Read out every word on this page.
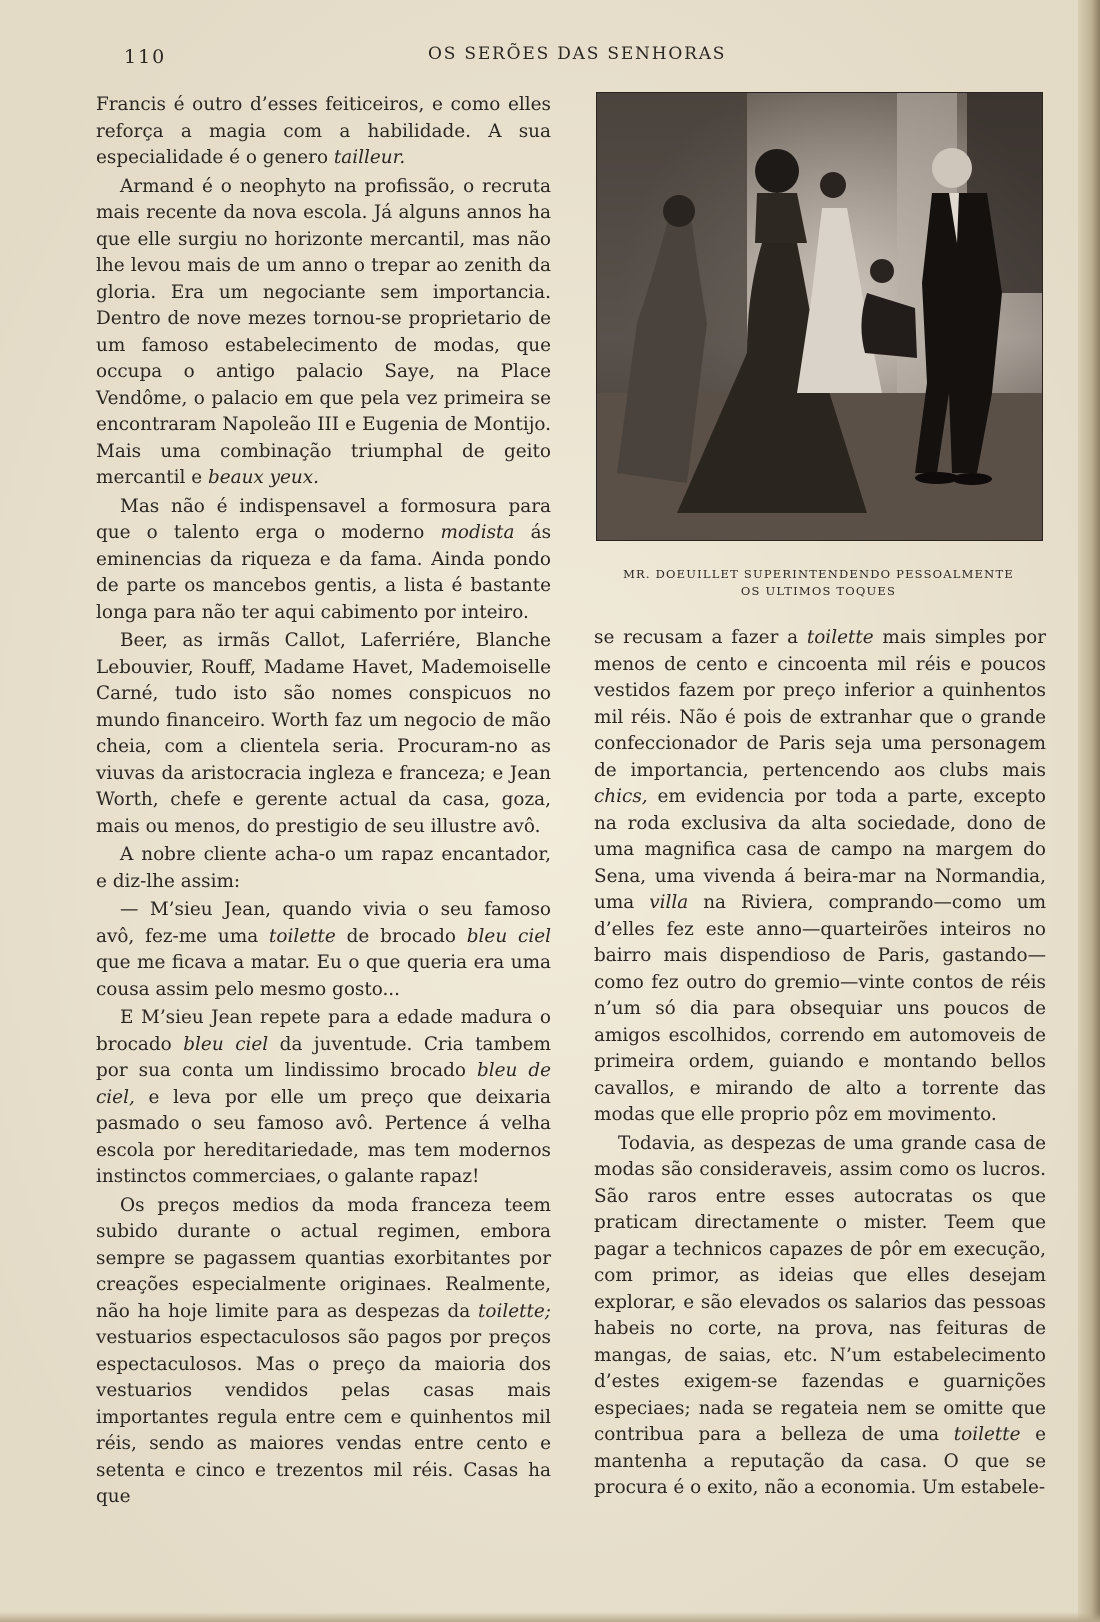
110	OS SERÕES DAS SENHORAS

Francis é outro d’esses feiticeiros, e como elles reforça a magia com a habilidade. A sua especialidade é o genero tailleur.

Armand é o neophyto na profissão, o recruta mais recente da nova escola. Já alguns annos ha que elle surgiu no horizonte mercantil, mas não lhe levou mais de um anno o trepar ao zenith da gloria. Era um negociante sem importancia. Dentro de nove mezes tornou-se proprietario de um famoso estabelecimento de modas, que occupa o antigo palacio Saye, na Place Vendôme, o palacio em que pela vez primeira se encontraram Napoleão III e Eugenia de Montijo. Mais uma combinação triumphal de geito mercantil e beaux yeux.

Mas não é indispensavel a formosura para que o talento erga o moderno modista ás eminencias da riqueza e da fama. Ainda pondo de parte os mancebos gentis, a lista é bastante longa para não ter aqui cabimento por inteiro.

Beer, as irmãs Callot, Laferriére, Blanche Lebouvier, Rouff, Madame Havet, Mademoiselle Carné, tudo isto são nomes conspicuos no mundo financeiro. Worth faz um negocio de mão cheia, com a clientela seria. Procuram-no as viuvas da aristocracia ingleza e franceza; e Jean Worth, chefe e gerente actual da casa, goza, mais ou menos, do prestigio de seu illustre avô.

A nobre cliente acha-o um rapaz encantador, e diz-lhe assim:

— M’sieu Jean, quando vivia o seu famoso avô, fez-me uma toilette de brocado bleu ciel que me ficava a matar. Eu o que queria era uma cousa assim pelo mesmo gosto...

E M’sieu Jean repete para a edade madura o brocado bleu ciel da juventude. Cria tambem por sua conta um lindissimo brocado bleu de ciel, e leva por elle um preço que deixaria pasmado o seu famoso avô. Pertence á velha escola por hereditariedade, mas tem modernos instinctos commerciaes, o galante rapaz!

Os preços medios da moda franceza teem subido durante o actual regimen, embora sempre se pagassem quantias exorbitantes por creações especialmente originaes. Realmente, não ha hoje limite para as despezas da toilette; vestuarios espectaculosos são pagos por preços espectaculosos. Mas o preço da maioria dos vestuarios vendidos pelas casas mais importantes regula entre cem e quinhentos mil réis, sendo as maiores vendas entre cento e setenta e cinco e trezentos mil réis. Casas ha que

MR. DOEUILLET SUPERINTENDENDO PESSOALMENTE
OS ULTIMOS TOQUES

se recusam a fazer a toilette mais simples por menos de cento e cincoenta mil réis e poucos vestidos fazem por preço inferior a quinhentos mil réis. Não é pois de extranhar que o grande confeccionador de Paris seja uma personagem de importancia, pertencendo aos clubs mais chics, em evidencia por toda a parte, excepto na roda exclusiva da alta sociedade, dono de uma magnifica casa de campo na margem do Sena, uma vivenda á beira-mar na Normandia, uma villa na Riviera, comprando—como um d’elles fez este anno—quarteirões inteiros no bairro mais dispendioso de Paris, gastando—como fez outro do gremio—vinte contos de réis n’um só dia para obsequiar uns poucos de amigos escolhidos, correndo em automoveis de primeira ordem, guiando e montando bellos cavallos, e mirando de alto a torrente das modas que elle proprio pôz em movimento.

Todavia, as despezas de uma grande casa de modas são consideraveis, assim como os lucros. São raros entre esses autocratas os que praticam directamente o mister. Teem que pagar a technicos capazes de pôr em execução, com primor, as ideias que elles desejam explorar, e são elevados os salarios das pessoas habeis no corte, na prova, nas feituras de mangas, de saias, etc. N’um estabelecimento d’estes exigem-se fazendas e guarnições especiaes; nada se regateia nem se omitte que contribua para a belleza de uma toilette e mantenha a reputação da casa. O que se procura é o exito, não a economia. Um estabele-
